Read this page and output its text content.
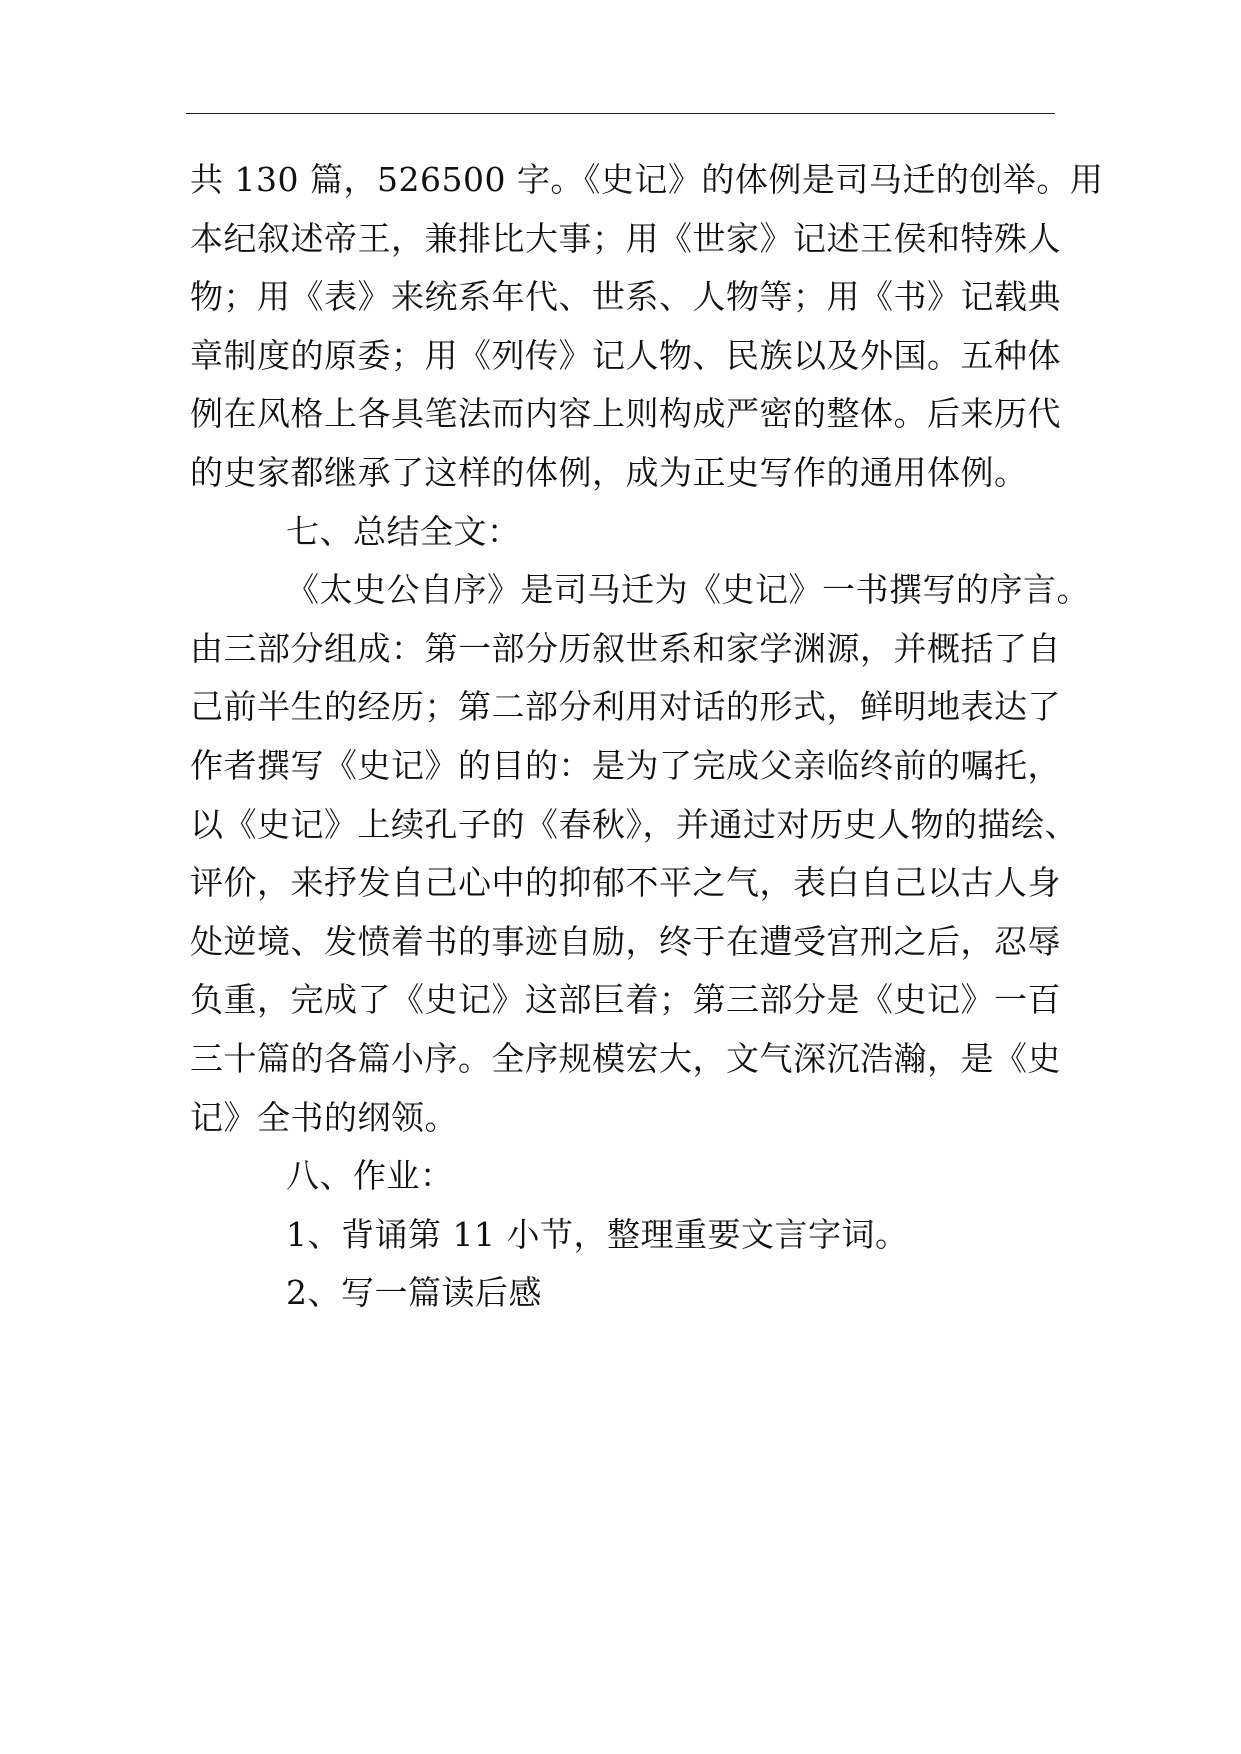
共 130 篇，526500 字。《史记》的体例是司马迁的创举。用
本纪叙述帝王，兼排比大事；用《世家》记述王侯和特殊人
物；用《表》来统系年代、世系、人物等；用《书》记载典
章制度的原委；用《列传》记人物、民族以及外国。五种体
例在风格上各具笔法而内容上则构成严密的整体。后来历代
的史家都继承了这样的体例，成为正史写作的通用体例。
七、总结全文：
《太史公自序》是司马迁为《史记》一书撰写的序言。
由三部分组成：第一部分历叙世系和家学渊源，并概括了自
己前半生的经历；第二部分利用对话的形式，鲜明地表达了
作者撰写《史记》的目的：是为了完成父亲临终前的嘱托，
以《史记》上续孔子的《春秋》，并通过对历史人物的描绘、
评价，来抒发自己心中的抑郁不平之气，表白自己以古人身
处逆境、发愤着书的事迹自励，终于在遭受宫刑之后，忍辱
负重，完成了《史记》这部巨着；第三部分是《史记》一百
三十篇的各篇小序。全序规模宏大，文气深沉浩瀚，是《史
记》全书的纲领。
八、作业：
1、背诵第 11 小节，整理重要文言字词。
2、写一篇读后感
